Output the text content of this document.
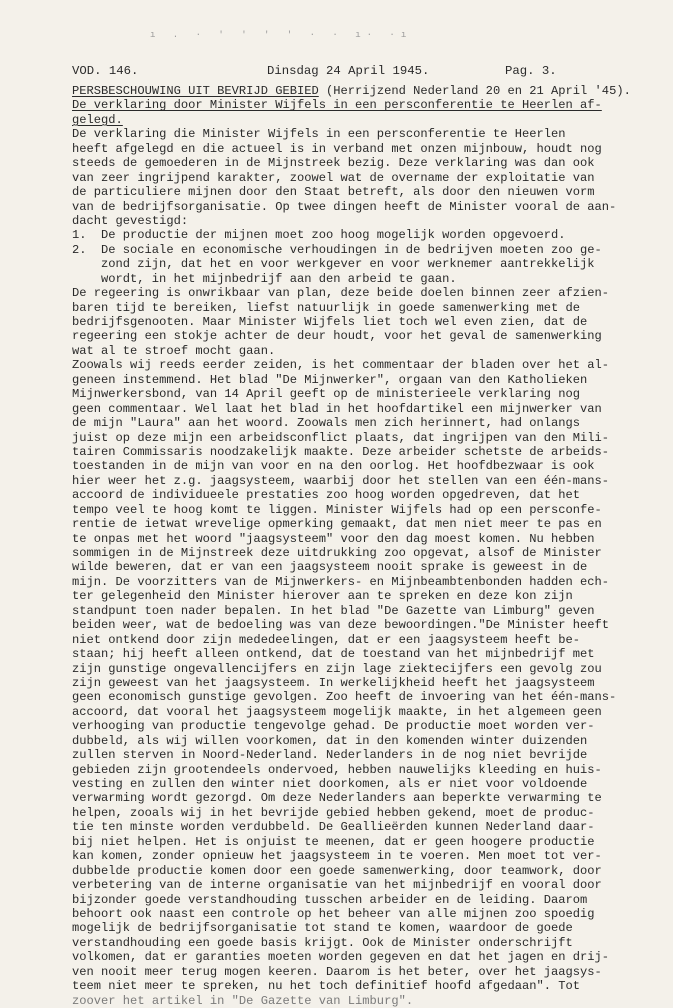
ı . · ' ' ' ' · · ı· ·ı
VOD. 146.	Dinsdag 24 April 1945.	Pag. 3.
PERSBESCHOUWING UIT BEVRIJD GEBIED (Herrijzend Nederland 20 en 21 April '45).
De verklaring door Minister Wijfels in een persconferentie te Heerlen af-
gelegd.
De verklaring die Minister Wijfels in een persconferentie te Heerlen
heeft afgelegd en die actueel is in verband met onzen mijnbouw, houdt nog
steeds de gemoederen in de Mijnstreek bezig. Deze verklaring was dan ook
van zeer ingrijpend karakter, zoowel wat de overname der exploitatie van
de particuliere mijnen door den Staat betreft, als door den nieuwen vorm
van de bedrijfsorganisatie. Op twee dingen heeft de Minister vooral de aan-
dacht gevestigd:
1.	De productie der mijnen moet zoo hoog mogelijk worden opgevoerd.
2.	De sociale en economische verhoudingen in de bedrijven moeten zoo ge-
zond zijn, dat het en voor werkgever en voor werknemer aantrekkelijk
wordt, in het mijnbedrijf aan den arbeid te gaan.
De regeering is onwrikbaar van plan, deze beide doelen binnen zeer afzien-
baren tijd te bereiken, liefst natuurlijk in goede samenwerking met de
bedrijfsgenooten. Maar Minister Wijfels liet toch wel even zien, dat de
regeering een stokje achter de deur houdt, voor het geval de samenwerking
wat al te stroef mocht gaan.
Zoowals wij reeds eerder zeiden, is het commentaar der bladen over het al-
geneen instemmend. Het blad "De Mijnwerker", orgaan van den Katholieken
Mijnwerkersbond, van 14 April geeft op de ministerieele verklaring nog
geen commentaar. Wel laat het blad in het hoofdartikel een mijnwerker van
de mijn "Laura" aan het woord. Zoowals men zich herinnert, had onlangs
juist op deze mijn een arbeidsconflict plaats, dat ingrijpen van den Mili-
tairen Commissaris noodzakelijk maakte. Deze arbeider schetste de arbeids-
toestanden in de mijn van voor en na den oorlog. Het hoofdbezwaar is ook
hier weer het z.g. jaagsysteem, waarbij door het stellen van een één-mans-
accoord de individueele prestaties zoo hoog worden opgedreven, dat het
tempo veel te hoog komt te liggen. Minister Wijfels had op een persconfe-
rentie de ietwat wrevelige opmerking gemaakt, dat men niet meer te pas en
te onpas met het woord "jaagsysteem" voor den dag moest komen. Nu hebben
sommigen in de Mijnstreek deze uitdrukking zoo opgevat, alsof de Minister
wilde beweren, dat er van een jaagsysteem nooit sprake is geweest in de
mijn. De voorzitters van de Mijnwerkers- en Mijnbeambtenbonden hadden ech-
ter gelegenheid den Minister hierover aan te spreken en deze kon zijn
standpunt toen nader bepalen. In het blad "De Gazette van Limburg" geven
beiden weer, wat de bedoeling was van deze bewoordingen."De Minister heeft
niet ontkend door zijn mededeelingen, dat er een jaagsysteem heeft be-
staan; hij heeft alleen ontkend, dat de toestand van het mijnbedrijf met
zijn gunstige ongevallencijfers en zijn lage ziektecijfers een gevolg zou
zijn geweest van het jaagsysteem. In werkelijkheid heeft het jaagsysteem
geen economisch gunstige gevolgen. Zoo heeft de invoering van het één-mans-
accoord, dat vooral het jaagsysteem mogelijk maakte, in het algemeen geen
verhooging van productie tengevolge gehad. De productie moet worden ver-
dubbeld, als wij willen voorkomen, dat in den komenden winter duizenden
zullen sterven in Noord-Nederland. Nederlanders in de nog niet bevrijde
gebieden zijn grootendeels ondervoed, hebben nauwelijks kleeding en huis-
vesting en zullen den winter niet doorkomen, als er niet voor voldoende
verwarming wordt gezorgd. Om deze Nederlanders aan beperkte verwarming te
helpen, zooals wij in het bevrijde gebied hebben gekend, moet de produc-
tie ten minste worden verdubbeld. De Geallieërden kunnen Nederland daar-
bij niet helpen. Het is onjuist te meenen, dat er geen hoogere productie
kan komen, zonder opnieuw het jaagsysteem in te voeren. Men moet tot ver-
dubbelde productie komen door een goede samenwerking, door teamwork, door
verbetering van de interne organisatie van het mijnbedrijf en vooral door
bijzonder goede verstandhouding tusschen arbeider en de leiding. Daarom
behoort ook naast een controle op het beheer van alle mijnen zoo spoedig
mogelijk de bedrijfsorganisatie tot stand te komen, waardoor de goede
verstandhouding een goede basis krijgt. Ook de Minister onderschrijft
volkomen, dat er garanties moeten worden gegeven en dat het jagen en drij-
ven nooit meer terug mogen keeren. Daarom is het beter, over het jaagsys-
teem niet meer te spreken, nu het toch definitief hoofd afgedaan". Tot
zoover het artikel in "De Gazette van Limburg".
